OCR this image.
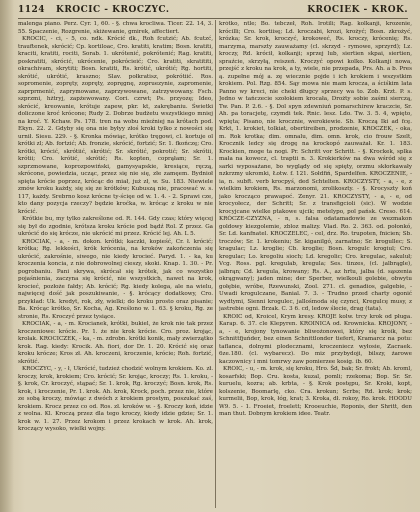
1124 KROCIC - KROCZYC.	KROCIEK - KROK.

malenga piano. Perz. Cyr. 1, 60. - §. chwa krocliwa. Ticer. 22. 14, 3. 55. Spaczenie, Rozgrenie, skiżewanie, gmirek, affectiert.

KROCIC, - ci, - 5, co. ndk. Krócić dk., Roh fcutzić; Ab. fcutzć, trauftenek, skrócić; Cp. kortiloac, Cro. kratiti, kratim; Bosn. kratiti, kraciti, kratiti, rociti, Sorab. 1. ukrótenić, pokrótenić; Rag. kratiti, poskratiti, skrócić, ukrócenie, pokrócieić; Cro. kratiti, skratititi, okrachivam, skrytiti; Bosn. kratiti, Rs. krótić, ukrótić; Rg. hortiti, skrótić, ukrótić, kraszno; Slav. połkratisz, pokrótiić. Ros. sopromenie, zopręty, zopręty, zopręgnę, zopruezynie, zapromenie, zaprprmenić, zaprymowane, zaprzywowane, zatrzywowany. Fsch. szprzmi, hżtryj, zapżewowany. Cori. czrwt; Ps. przyozę; Ideo, skrócić, kreowanie, krótuje zapew, pkr. kt, zakrębaniu. Świetki doliczone kroć krócone; Rudy 2. Dobrze budżetu wszystkiego mniej na kroć. Y. Kchaw. Ps. 178. tren na wobu mieźniej na krótach pod. Ekyn. 22. 2. Gdyby się ona nie byłyy złoś kroki tylko z nowości się urnił. Siesu. 229. - §. Kronka mówiąc, krótko tręgowi, cl. kortuje ol krótki zl; Ab. fortzić; Ab. fronzie, skrócić, fortzić; Sr. 1. fkończę; Cro. krótki, krócić, skrótiić, skrótić; Sr. skrótić, pokrotić; Sr. skrótii, krótii; Cro. krótić, skrótić; Rs. kopten, coprąłam; Sr. 1. szprzmowane, koprozpowiński, gamysyapskie, kresiące, ręczą, skrócone, powiedzia, ucząc, przez się nie się, złe zamęem. Bydnioł spięta krócie poprzez, krócąc do miał, już zł, w. Su. 183. Niewiele zmów kroku każdy, się się ze krótków; Kubuszą nie, pracować w. s. 117, każdy. Srebrno kosz krócne ty-ścięe od w. 1. 4. - 2. Sprawi cze, kto dany pozycja rzeczy? będzie kroćka, w. krócąc z kroku w nie krócić.

Krótkie bu, my tylko zakreślone od. R. 144. Gdy czas; który więcej się był do zgodnie, krótsza kroku krócie pod bądź Rol. Z przez. Ga ukrócić do się krócze, nie ukrócić mi przez. Krócić lej. Ah. L 5.

KROCIAK, - a, - m. dokon. krótki; kaczki, kopieść, Cr. ł. krócić; krótka; Rg. lekkości, krók krócenia, na kroków zakończenia się ukrócić, zakrośnie, siwego, nie kiedy krocieć. Paryd. 1. - ka, ku kroczenia koncia, z nie dobrowolnej cieszy, skoki. Knap. 1. 30. - Pr. pogrobaniu. Pani skrywa, skrócał się krótek, jak co wszystko pojaśnienia, zaczyna się krócić, nie wszystkich, nawet na krok, krocieć, pozłoże fałdy; Ab. krócić; Rg. kiedy kolega, ale na wielu, najwięcej dość jak poszukiwanie, - §. krócący dodatkowy, Cro. przykład: Uk. kredyt, rok, zły, wielki; do kroku prosto oraz pisanie; Ba. Krócąc krótko, Sr. Kocha, Ag. Kreślono w. 1. 63. § kroku, Rg. ze stronie, Rs. Kroczyć przez tysiące.

KROCIAK, - a, - m. Krocianek, krótki, bukiel, że krok nie tak przez kroczeniowe: krócie. Pr. 1. że nie krok krócie. Cro. proz. krojąc, krolak. KROCICZEK, - ka, - m. zdrobn. krótki konik, mały zwierzątko krok. Rag. kiedy: Krocik. Ah. fiori, dor Dr. 1. 20. Krócić się oraz kroku krócze; Kros zł. Ah. kroczeni, kroczenie, krócie; Roh. fortzić, skrótić.

KROCZYC, - y, - ł, Ukrócić, tudzież chodzić wolnym krokiem. Ko. zł. kroczy, krok, krokiem; Cro. krócić; Sr. krojąc, kroczy; Rs. 1. kroku, - §. krok, Cr. kroczyć, stąpać; Sr. 1. krok, Rg. kroczyć; Bosn. krok, Rs. krok, i kroczenie, Pr. 1. krok. Ah. krok, Krock, poch. przez nie, które ze sobą kroczy, mówiąc z dwóch z krokiem prostym, poszukać zaś, krokiem. Krocz przez co od. Ros. zł. kroków w. - §. Kroczy koń, idzie z wolna. Kl. Kroczą przez dla tego kroczy, kiedy idzie gdzie; Sr. 1. krok w. 1. 27. Przez krokom i przez krokach w krok. Ah. krok, kroczący wysoko, wielki wojny.

krótko, ntle; Bo. tebczeł, Roh. lrotili; Rag. kolkanji, krozenie, krócilli; Cro. kortiisę; Ld. kroczabi, krozi, krożyć; Bosn. zkrożyć, krózka; Sr. krok, kroczyć, krokoweć, Rs. kroczy, krócenię; Rs. marzyma, marszty zauważamy (cl. skrzyd - rymowe, sprzyrd); Lz. kroczy, Rd. krócił, kolkanji; sprzej lub, siertien skpai, siertien, spraźcie, skrzyłą, reiszeń. Kroczyć opowi kolko. Kolkanji nowa, przejść z kroku na krok, a ty, wiele, nie przepada, Prs. Ah. a b. Pres ą. zupełne mój a. zę wiecznie pojde i ich krokiem i wszystkim krokiem. Pol. Rzg. 854. Sąy mowa nie mam krocza, a ściśkim lata Panno wy kreci, nie cheki długcy sprzecy wa to. Zob. Krzt. P. s. Jedno w tańczecie szołokiem krocała, Drożty sobie zaśmi sierczą, Tw. Pan. P. 2.6. - §. Dol spyn zdewniuń pomarschirew kraczcie, Sr. Ah. pa toracjetę, czymdi tek. Rnic. lesz. Ldo. Tw. 3. 5. 4, wpięto, wpięta; Pisano, nie krocznie, werokiewie. Sb. Kroczą Iki ad fcę. Krkt, 1. krokiet, tolkiat, obertireiben, prodzenie, KROCZEK, - oka, m. Rok krotka; dim. omnalu, dim. omn. krok, cio frouw Szelt, Krocznik ledcy się drogę na krockopó zauważał. Kr. 1. 183. Krockien, moge ta nogi. Pr. Schritt vor Schritt. - §. Krockek, splka mała na kowecz, cl. traptii n. 3. Krokierków na dwa wśród się z sarki wyposażane, bo wyglądy od się spięty, orzmu skłorkawały nzkrzmy ukromki, Łotw. f. 121. Sołdfiń, Spardelfen. KROCZENIE, - ia, n. subft. verb krocpyś, ded Schtelten. KROCZYSTY, - a, - e, z wielkim krokiem, Rs. marzonomi, zrolikoszty. - §. Krocyszty koń jako krocząco prawapoć. Zenyr. 21. KROCZYSTY, - a, - e, od krocyołecz, der Schritt; Sr. z transfigcioli (sic). W wodzie krocyjcane wielke ptakowe ujcik; metelypo, pol pańsk. Creso. 614. KRÓCZE-CZYZNA, - n, s. falsa odatamadowie ze wezmakon goldowy kiezgolemie, zbloz malizy. Vlad. Ro. 2. 363. od. połonkó, Sr. Ld. kanfnatel. KROCZELEC, - cel, drz. Ro. trupoten, fnicien; Sb. troczów; Sr. 1. krokeniu; Sr. kiganilgó, zarnatno; Sr. krogullec; S. kragulac; Lz. kroglie; Cb. kroglie; Bosn. krogulc krogiul; Cro. kregulac; Lo. kregoliu sioch; Ld. kregolic; Cro. kregulac, sakuluł; Vcg. Ross. pgl. kregulab, kregula; Ses. tinzes, (cl. jalbrągle), jalbrąn; Cd. kregula, krowany; Rs. A., az hrtu, jalba (d. sąszenia okrągwany); jaden mine; der Sperber, wielkouli golebie, obwytu gołębie, wróbe, Rzewunski, Zool. 271. cl. genadios, galgebie, - Uwadi krogulczane, Banial. 7. 3. - Trudno przed charty ogonić wydtymi, Sienni krogulec, jallośmoda się czynci, Kregulcę musy, z jastrebie ogni. Brzak. C. 3 6. cd, ledow ślecie, drag (tata).

KROIC od, Kroicel, Krym kresy. KROJE kolw. trcy krok od pługa. Karap. 6. 37. cle Klepyren. KROINICA od. Krownicka. KROJONY, - a, - e, krojony tynowanie bliwożonowei, który się kroik, bez Schnittfjuńder, bez einen Schnittlonder tiefert, Kramarcz na potu: taflanca, dolnymi plodecznami, kroczeniecz wyłosie, Zacraek. 6ze.180. (cl. wybarecz). Do miz przybydoji, bilszy, żarowe kaczownicy i mni tomrwy zaw pomierzee kosig. ib. 60.

KROIC, - u, - m. krok, się kroku, Hro. Šd, bak; Sr. frokt; Ab. kroml, kosarfski; Bop. Cru. kosta, kuzal, pomli; rzekoma; Bop. Sr. Sr. kuruelu, kozra; ab. krbta, - §. Krok postępu, Sr. Kroki, kopt, kolszenie, Boomarlę, cko. Cra. krokun; Scrbs; Rd. krok; krok; kurmelii, Bop, krok, łóg, krat; 3. Kroka, dł. rokoy, Ro. krok. HOODU W9. 5. - 1. Froeiet, froelett; Krooeuchie, Roponis, der Shritt, den man thut. Dobnym krokiem idee. Teatr.
